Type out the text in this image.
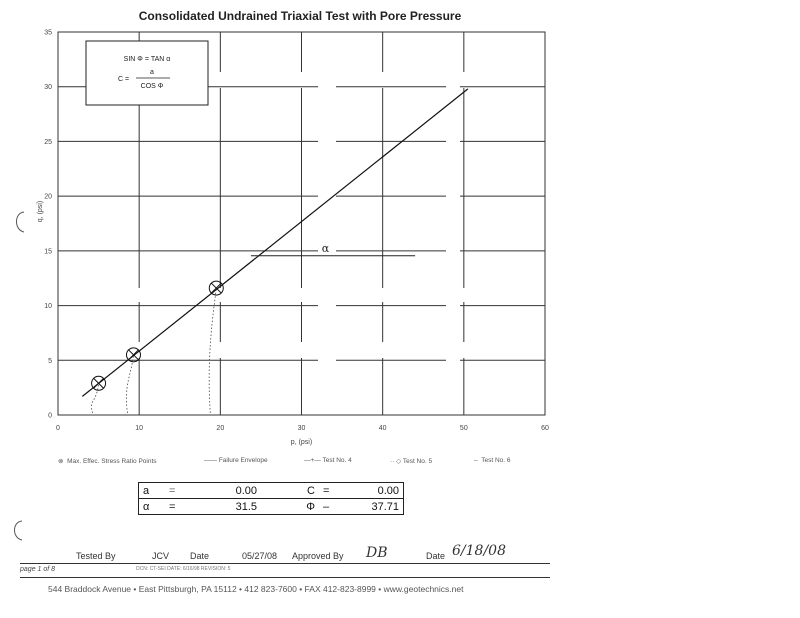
Consolidated Undrained Triaxial Test with Pore Pressure
0
5
10
15
20
25
30
35
0	10	20	30	40	50	60
p, (psi)
q, (psi)
SIN Φ = TAN α
C =
a
COS Φ
α
⊗  Max. Effec. Stress Ratio Points	—— Failure Envelope	—+— Test No. 4	·· ◇ Test No. 5	–  Test No. 6
a	=	0.00	C	=	0.00
α	=	31.5	Φ	–	37.71
Tested By	JCV Date	05/27/08 Approved By DB	Date 6/18/08
page 1 of 8	DCN: CT-SEI DATE: 6/16/98 REVISION: 5
544 Braddock Avenue • East Pittsburgh, PA 15112 • 412 823-7600 • FAX 412-823-8999 • www.geotechnics.net
